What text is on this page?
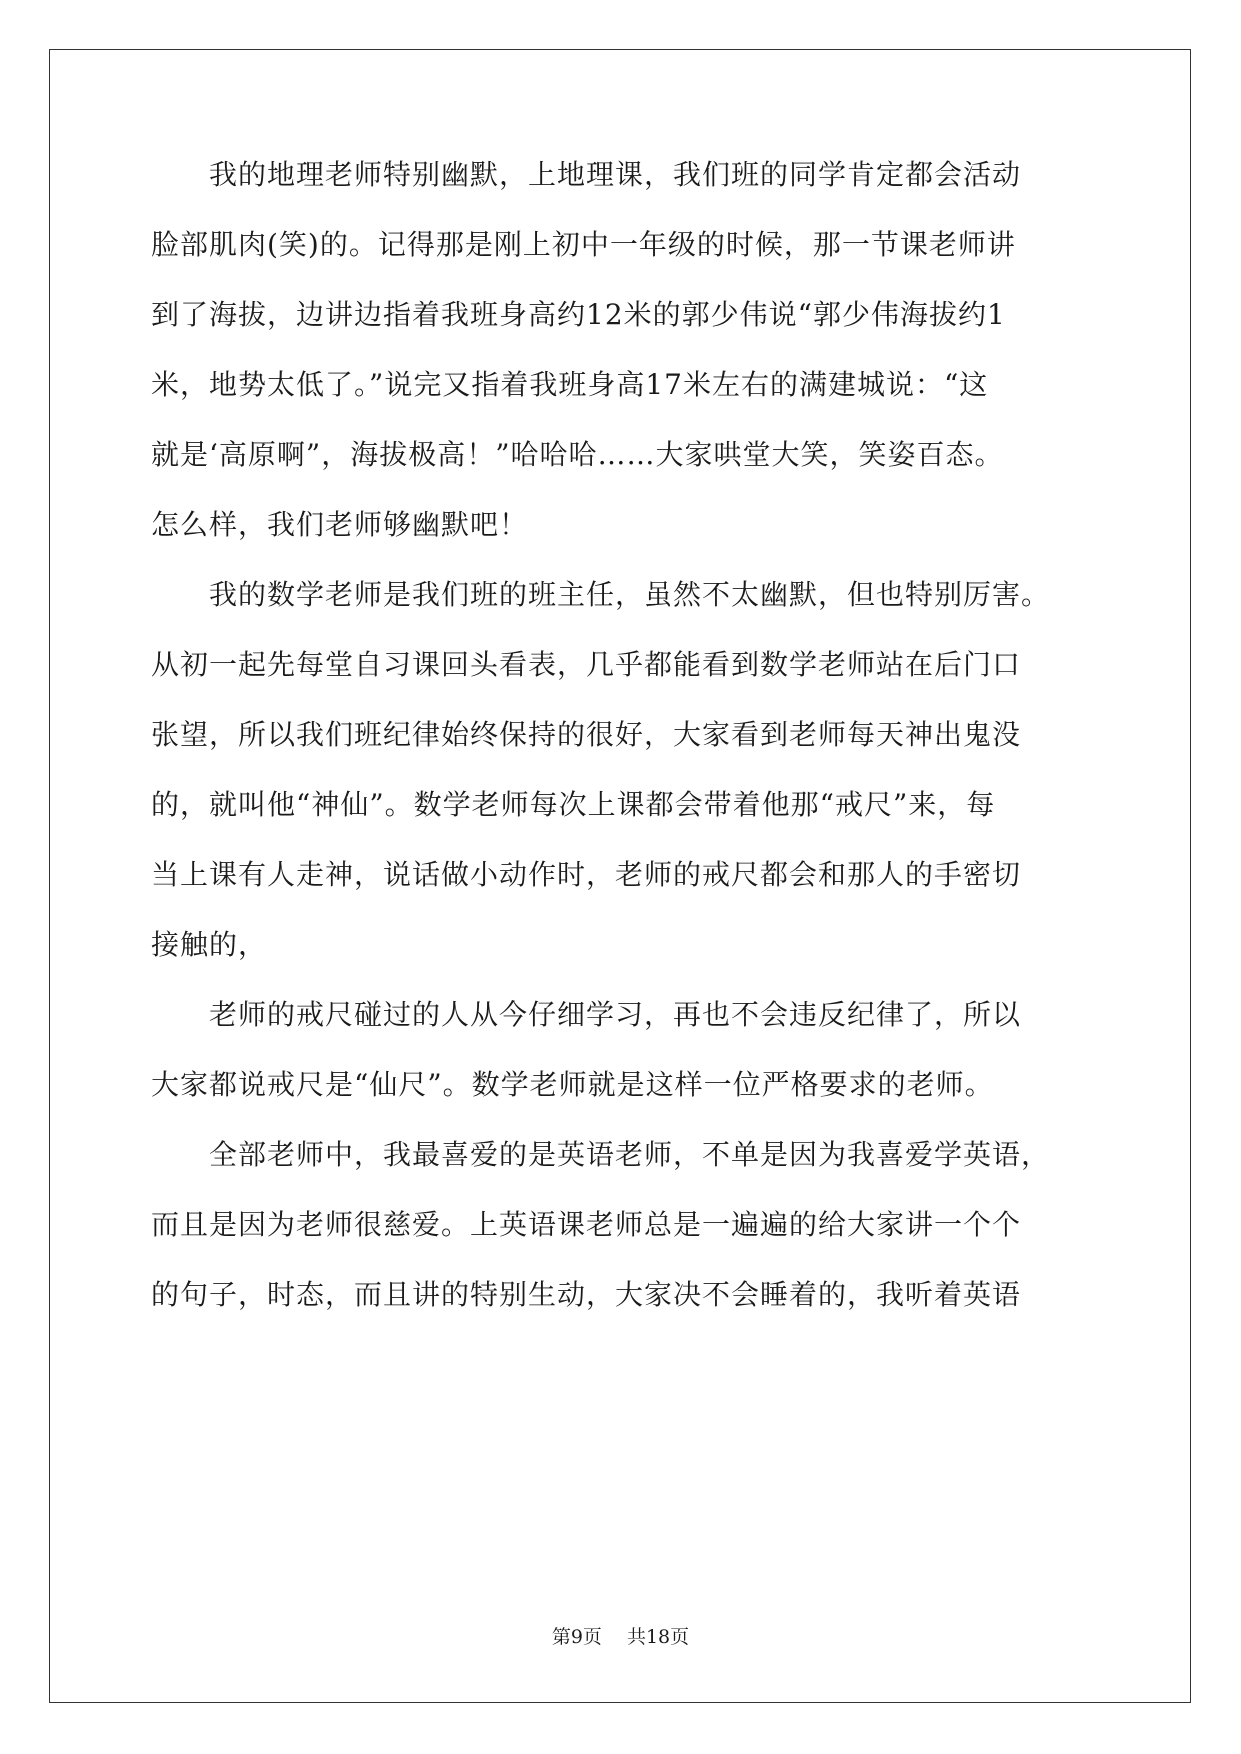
　　我的地理老师特别幽默，上地理课，我们班的同学肯定都会活动
脸部肌肉(笑)的。记得那是刚上初中一年级的时候，那一节课老师讲
到了海拔，边讲边指着我班身高约12米的郭少伟说“郭少伟海拔约1
米，地势太低了。”说完又指着我班身高17米左右的满建城说：“这
就是‘高原啊”，海拔极高！”哈哈哈……大家哄堂大笑，笑姿百态。
怎么样，我们老师够幽默吧！
　　我的数学老师是我们班的班主任，虽然不太幽默，但也特别厉害。
从初一起先每堂自习课回头看表，几乎都能看到数学老师站在后门口
张望，所以我们班纪律始终保持的很好，大家看到老师每天神出鬼没
的，就叫他“神仙”。数学老师每次上课都会带着他那“戒尺”来，每
当上课有人走神，说话做小动作时，老师的戒尺都会和那人的手密切
接触的，
　　老师的戒尺碰过的人从今仔细学习，再也不会违反纪律了，所以
大家都说戒尺是“仙尺”。数学老师就是这样一位严格要求的老师。
　　全部老师中，我最喜爱的是英语老师，不单是因为我喜爱学英语，
而且是因为老师很慈爱。上英语课老师总是一遍遍的给大家讲一个个
的句子，时态，而且讲的特别生动，大家决不会睡着的，我听着英语
第9页　 共18页
